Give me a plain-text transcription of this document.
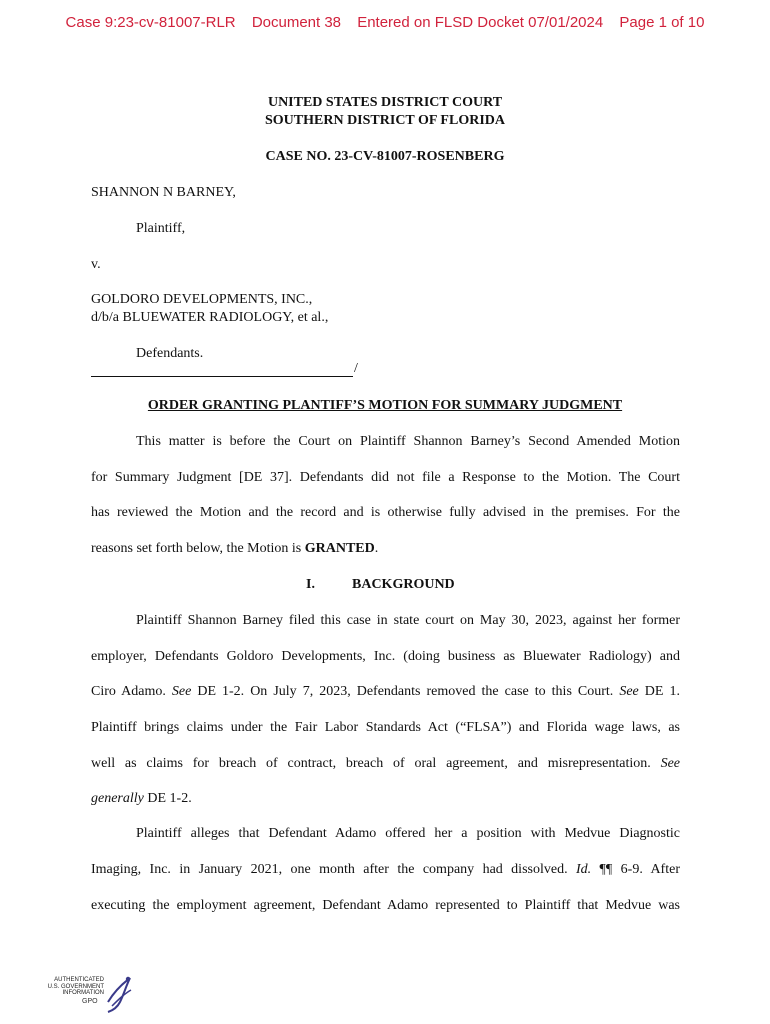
Case 9:23-cv-81007-RLR Document 38 Entered on FLSD Docket 07/01/2024 Page 1 of 10
UNITED STATES DISTRICT COURT
SOUTHERN DISTRICT OF FLORIDA
CASE NO. 23-CV-81007-ROSENBERG
SHANNON N BARNEY,
Plaintiff,
v.
GOLDORO DEVELOPMENTS, INC.,
d/b/a BLUEWATER RADIOLOGY, et al.,
Defendants.
/
ORDER GRANTING PLANTIFF’S MOTION FOR SUMMARY JUDGMENT
This matter is before the Court on Plaintiff Shannon Barney’s Second Amended Motion
for Summary Judgment [DE 37]. Defendants did not file a Response to the Motion. The Court
has reviewed the Motion and the record and is otherwise fully advised in the premises. For the
reasons set forth below, the Motion is GRANTED.
I.	BACKGROUND
Plaintiff Shannon Barney filed this case in state court on May 30, 2023, against her former
employer, Defendants Goldoro Developments, Inc. (doing business as Bluewater Radiology) and
Ciro Adamo. See DE 1-2. On July 7, 2023, Defendants removed the case to this Court. See DE 1.
Plaintiff brings claims under the Fair Labor Standards Act (“FLSA”) and Florida wage laws, as
well as claims for breach of contract, breach of oral agreement, and misrepresentation. See
generally DE 1-2.
Plaintiff alleges that Defendant Adamo offered her a position with Medvue Diagnostic
Imaging, Inc. in January 2021, one month after the company had dissolved. Id. ¶¶ 6-9. After
executing the employment agreement, Defendant Adamo represented to Plaintiff that Medvue was
AUTHENTICATED
U.S. GOVERNMENT
INFORMATION
GPO
